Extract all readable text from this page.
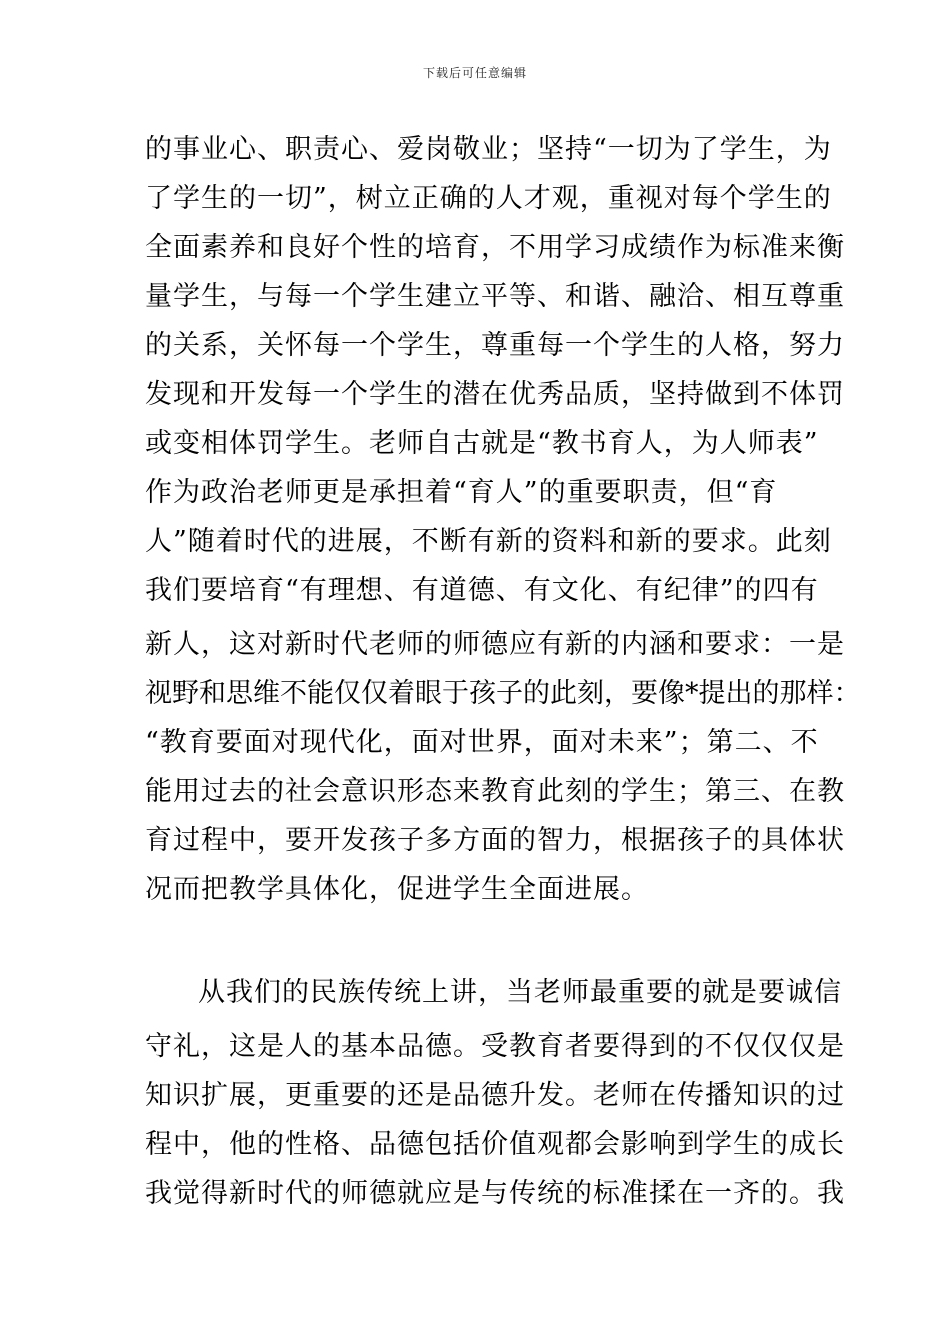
下载后可任意编辑
的事业心、职责心、爱岗敬业；坚持“一切为了学生，为
了学生的一切”，树立正确的人才观，重视对每个学生的
全面素养和良好个性的培育，不用学习成绩作为标准来衡
量学生，与每一个学生建立平等、和谐、融洽、相互尊重
的关系，关怀每一个学生，尊重每一个学生的人格，努力
发现和开发每一个学生的潜在优秀品质，坚持做到不体罚
或变相体罚学生。老师自古就是“教书育人，为人师表”
作为政治老师更是承担着“育人”的重要职责，但“育
人”随着时代的进展，不断有新的资料和新的要求。此刻
我们要培育“有理想、有道德、有文化、有纪律”的四有
新人，这对新时代老师的师德应有新的内涵和要求：一是
视野和思维不能仅仅着眼于孩子的此刻，要像*提出的那样：
“教育要面对现代化，面对世界，面对未来”；第二、不
能用过去的社会意识形态来教育此刻的学生；第三、在教
育过程中，要开发孩子多方面的智力，根据孩子的具体状
况而把教学具体化，促进学生全面进展。
从我们的民族传统上讲，当老师最重要的就是要诚信
守礼，这是人的基本品德。受教育者要得到的不仅仅仅是
知识扩展，更重要的还是品德升发。老师在传播知识的过
程中，他的性格、品德包括价值观都会影响到学生的成长
我觉得新时代的师德就应是与传统的标准揉在一齐的。我
